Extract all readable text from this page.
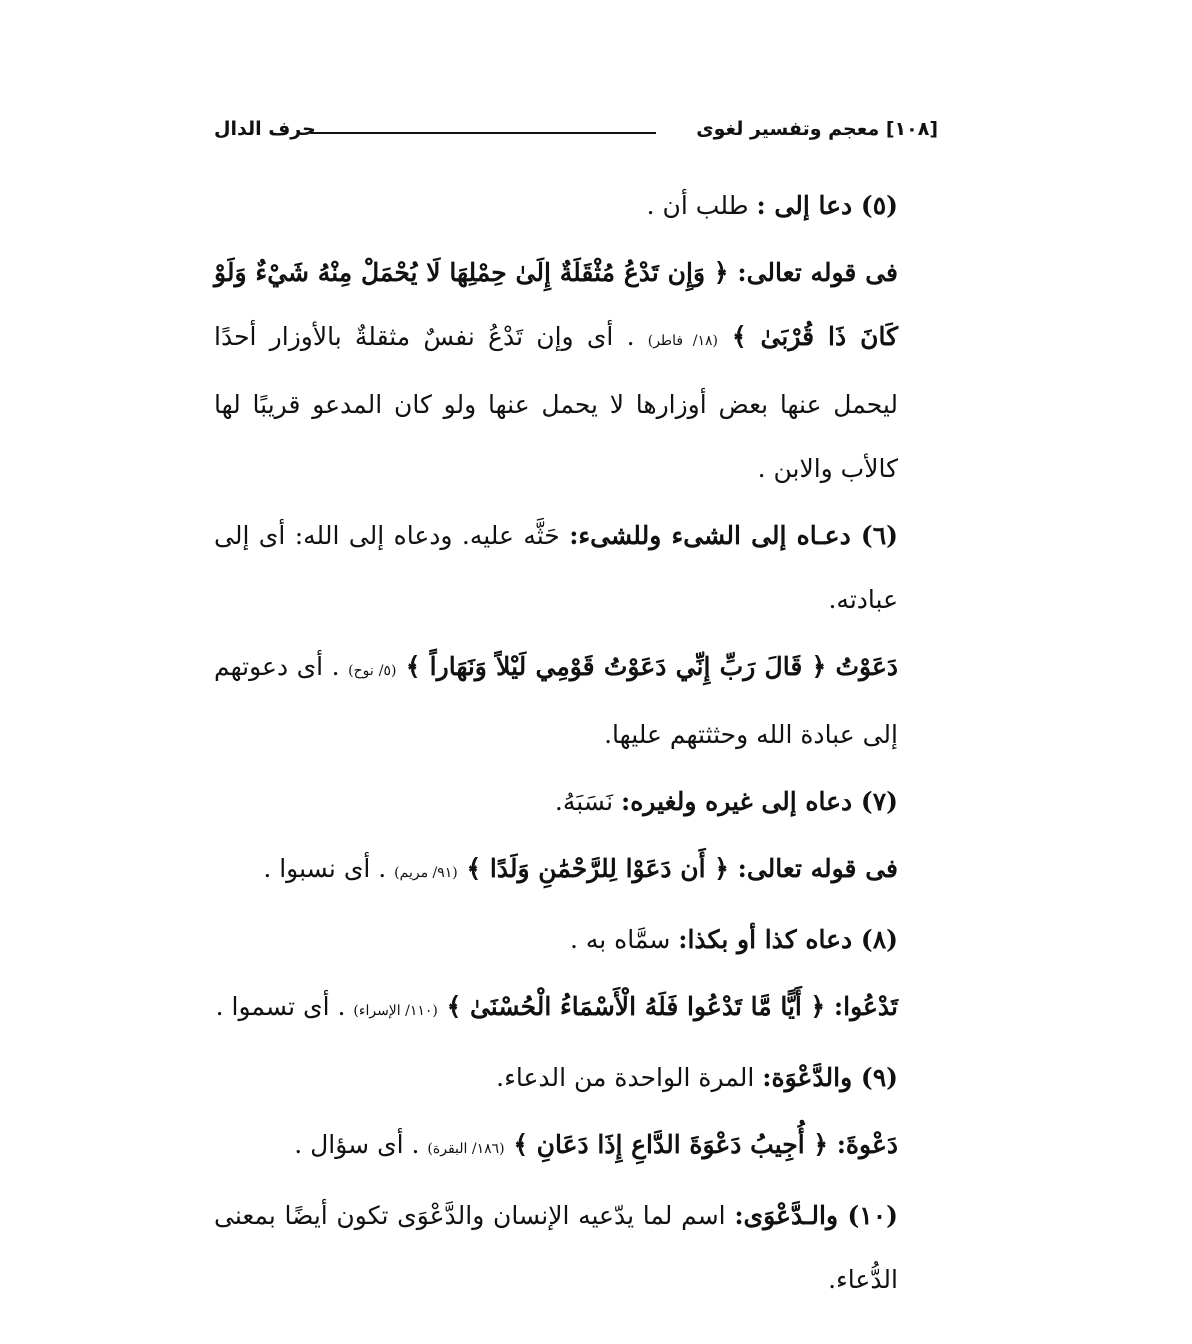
[١٠٨] معجم وتفسير لغوى
حرف الدال

(٥) دعا إلى : طلب أن .

فى قوله تعالى: ﴿ وَإِن تَدْعُ مُثْقَلَةٌ إِلَىٰ حِمْلِهَا لَا يُحْمَلْ مِنْهُ شَيْءٌ وَلَوْ كَانَ ذَا قُرْبَىٰ ﴾ (١٨/ فاطر) . أى وإن تَدْعُ نفسٌ مثقلةٌ بالأوزار أحدًا ليحمل عنها بعض أوزارها لا يحمل عنها ولو كان المدعو قريبًا لها كالأب والابن .

(٦) دعـاه إلى الشىء وللشىء: حَثَّه عليه. ودعاه إلى الله: أى إلى عبادته.

دَعَوْتُ ﴿ قَالَ رَبِّ إِنِّي دَعَوْتُ قَوْمِي لَيْلاً وَنَهَاراً ﴾ (٥/ نوح) . أى دعوتهم إلى عبادة الله وحثثتهم عليها.

(٧) دعاه إلى غيره ولغيره: نَسَبَهُ.

فى قوله تعالى: ﴿ أَن دَعَوْا لِلرَّحْمَٰنِ وَلَدًا ﴾ (٩١/ مريم) . أى نسبوا .

(٨) دعاه كذا أو بكذا: سمَّاه به .

تَدْعُوا: ﴿ أَيًّا مَّا تَدْعُوا فَلَهُ الْأَسْمَاءُ الْحُسْنَىٰ ﴾ (١١٠/ الإسراء) . أى تسموا .

(٩) والدَّعْوَة: المرة الواحدة من الدعاء.

دَعْوةَ: ﴿ أُجِيبُ دَعْوَةَ الدَّاعِ إِذَا دَعَانِ ﴾ (١٨٦/ البقرة) . أى سؤال .

(١٠) والـدَّعْوَى: اسم لما يدّعيه الإنسان والدَّعْوَى تكون أيضًا بمعنى الدُّعاء.
